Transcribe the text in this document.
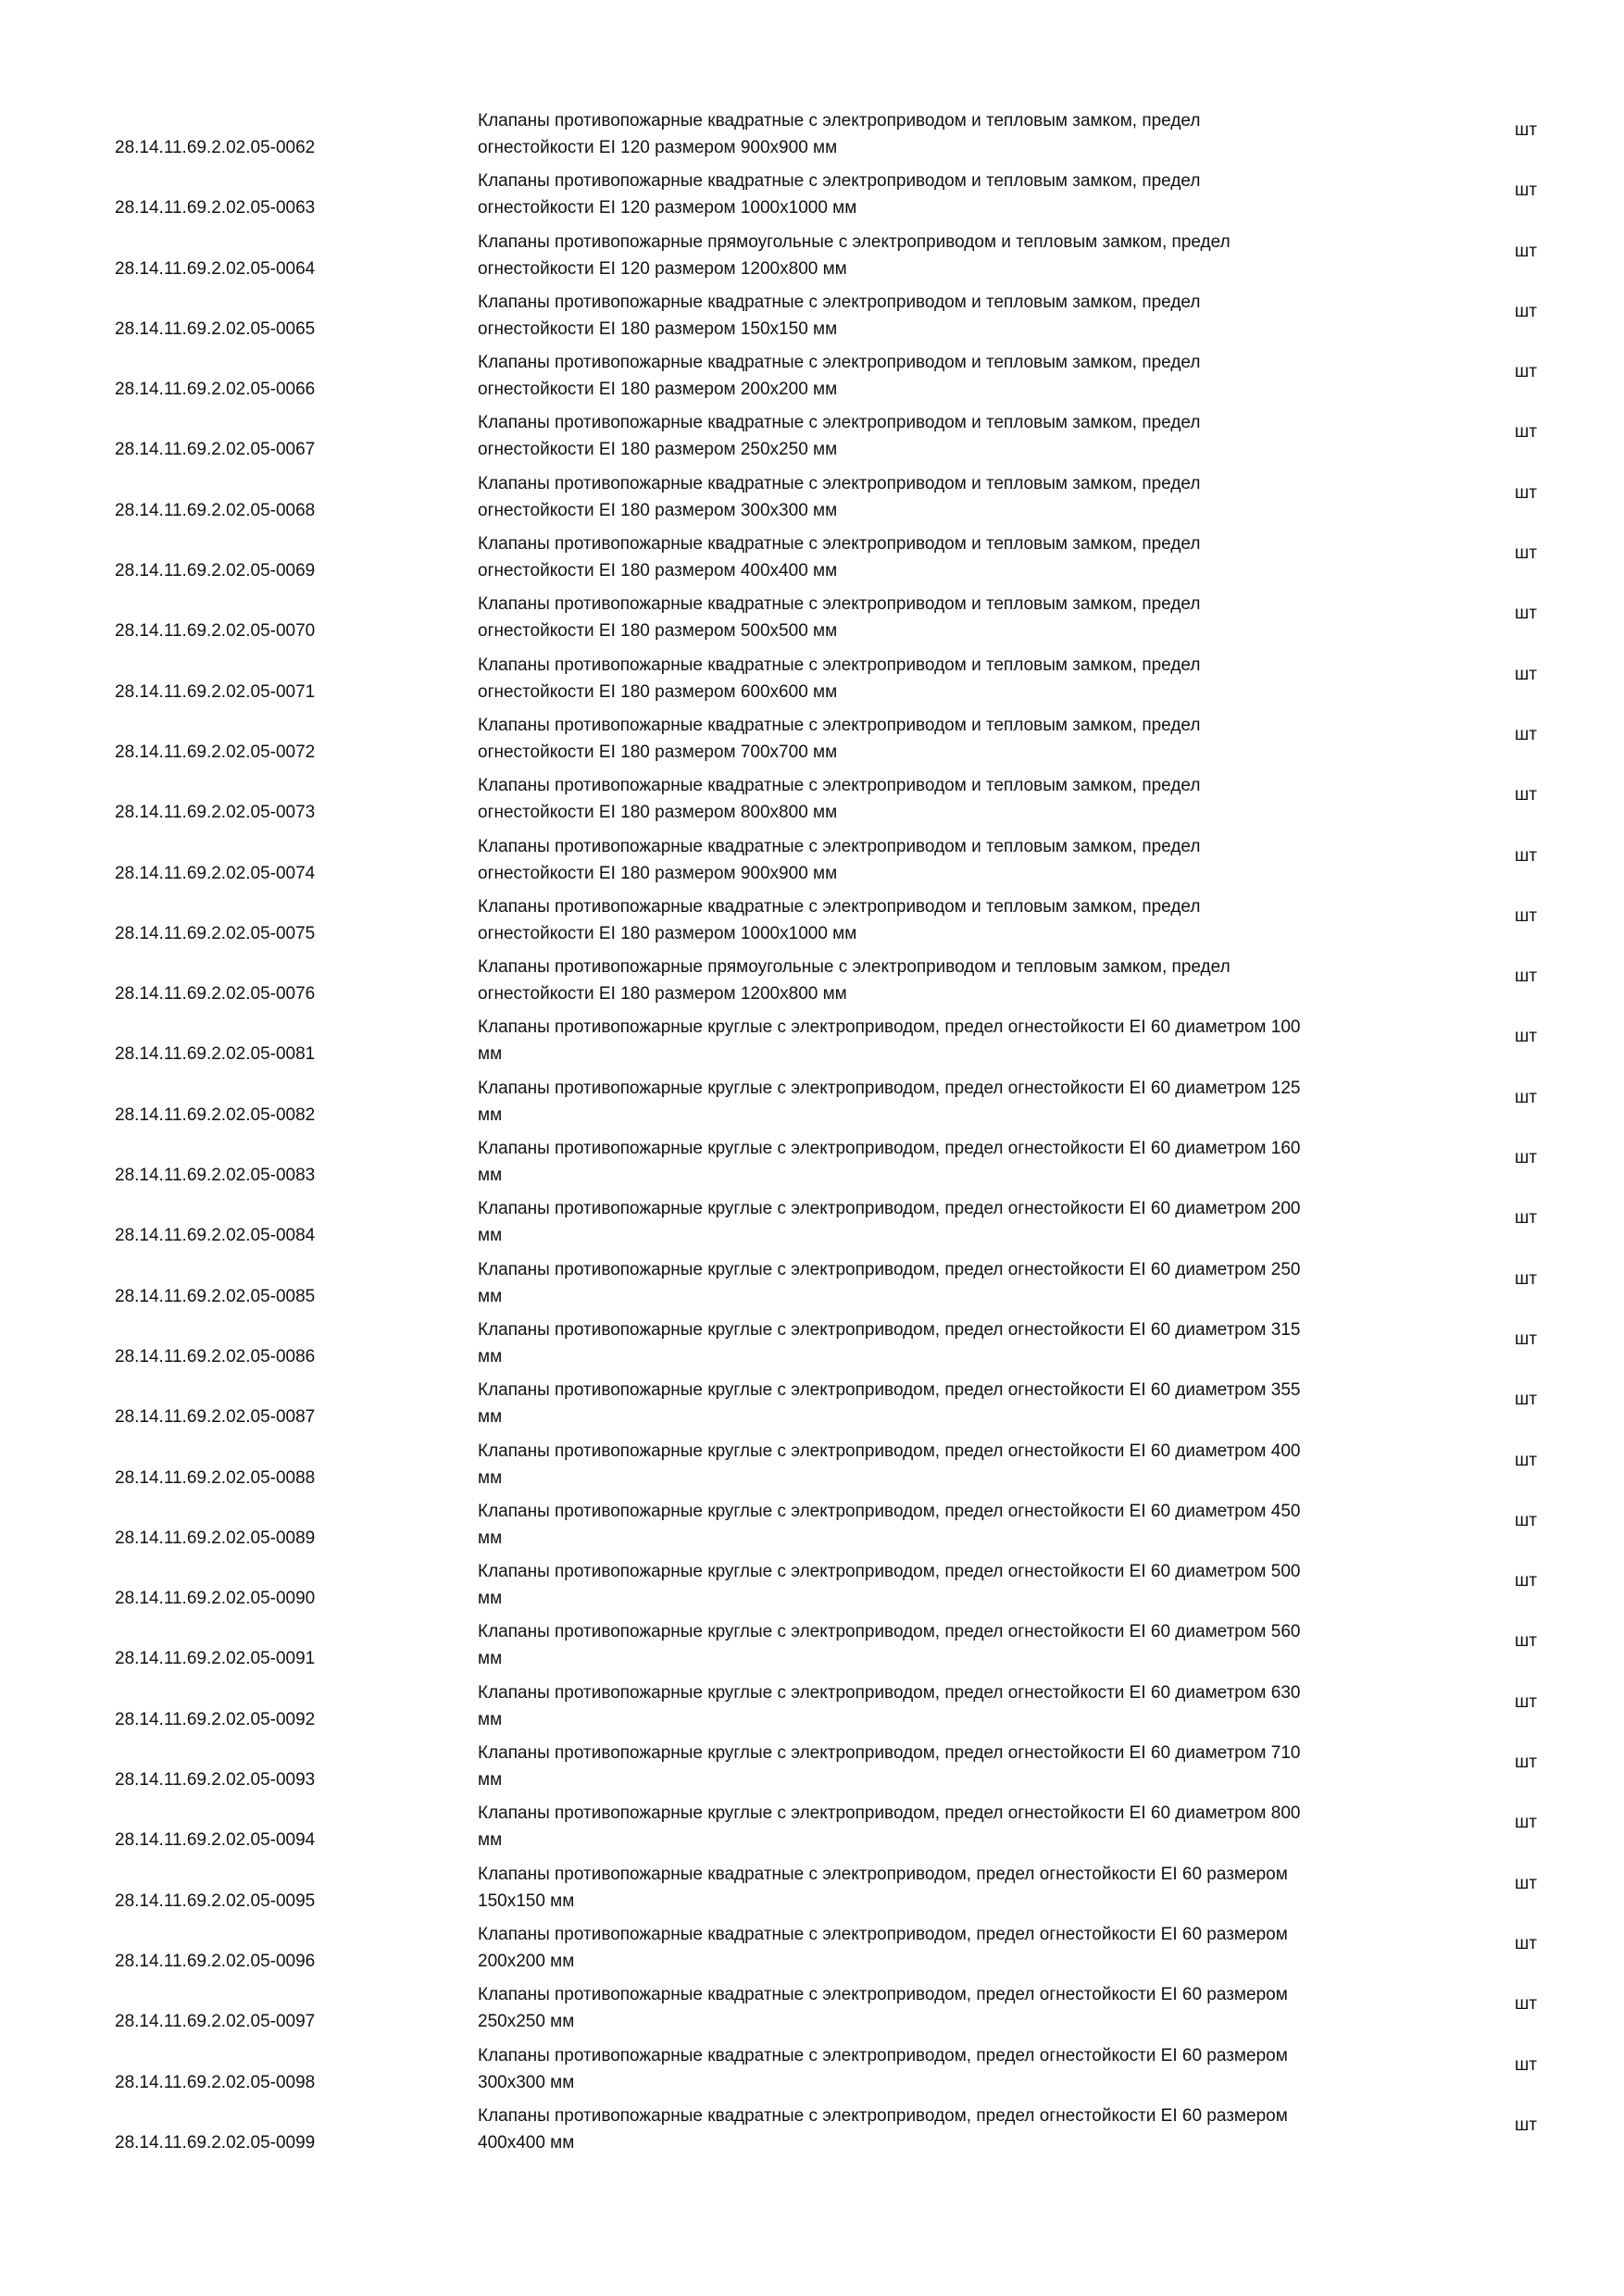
28.14.11.69.2.02.05-0062
Клапаны противопожарные квадратные с электроприводом и тепловым замком, предел
огнестойкости EI 120 размером 900х900 мм
шт
28.14.11.69.2.02.05-0063
Клапаны противопожарные квадратные с электроприводом и тепловым замком, предел
огнестойкости EI 120 размером 1000х1000 мм
шт
28.14.11.69.2.02.05-0064
Клапаны противопожарные прямоугольные с электроприводом и тепловым замком, предел
огнестойкости EI 120 размером 1200х800 мм
шт
28.14.11.69.2.02.05-0065
Клапаны противопожарные квадратные с электроприводом и тепловым замком, предел
огнестойкости EI 180 размером 150х150 мм
шт
28.14.11.69.2.02.05-0066
Клапаны противопожарные квадратные с электроприводом и тепловым замком, предел
огнестойкости EI 180 размером 200х200 мм
шт
28.14.11.69.2.02.05-0067
Клапаны противопожарные квадратные с электроприводом и тепловым замком, предел
огнестойкости EI 180 размером 250х250 мм
шт
28.14.11.69.2.02.05-0068
Клапаны противопожарные квадратные с электроприводом и тепловым замком, предел
огнестойкости EI 180 размером 300х300 мм
шт
28.14.11.69.2.02.05-0069
Клапаны противопожарные квадратные с электроприводом и тепловым замком, предел
огнестойкости EI 180 размером 400х400 мм
шт
28.14.11.69.2.02.05-0070
Клапаны противопожарные квадратные с электроприводом и тепловым замком, предел
огнестойкости EI 180 размером 500х500 мм
шт
28.14.11.69.2.02.05-0071
Клапаны противопожарные квадратные с электроприводом и тепловым замком, предел
огнестойкости EI 180 размером 600х600 мм
шт
28.14.11.69.2.02.05-0072
Клапаны противопожарные квадратные с электроприводом и тепловым замком, предел
огнестойкости EI 180 размером 700х700 мм
шт
28.14.11.69.2.02.05-0073
Клапаны противопожарные квадратные с электроприводом и тепловым замком, предел
огнестойкости EI 180 размером 800х800 мм
шт
28.14.11.69.2.02.05-0074
Клапаны противопожарные квадратные с электроприводом и тепловым замком, предел
огнестойкости EI 180 размером 900х900 мм
шт
28.14.11.69.2.02.05-0075
Клапаны противопожарные квадратные с электроприводом и тепловым замком, предел
огнестойкости EI 180 размером 1000х1000 мм
шт
28.14.11.69.2.02.05-0076
Клапаны противопожарные прямоугольные с электроприводом и тепловым замком, предел
огнестойкости EI 180 размером 1200х800 мм
шт
28.14.11.69.2.02.05-0081
Клапаны противопожарные круглые с электроприводом, предел огнестойкости EI 60 диаметром 100
мм
шт
28.14.11.69.2.02.05-0082
Клапаны противопожарные круглые с электроприводом, предел огнестойкости EI 60 диаметром 125
мм
шт
28.14.11.69.2.02.05-0083
Клапаны противопожарные круглые с электроприводом, предел огнестойкости EI 60 диаметром 160
мм
шт
28.14.11.69.2.02.05-0084
Клапаны противопожарные круглые с электроприводом, предел огнестойкости EI 60 диаметром 200
мм
шт
28.14.11.69.2.02.05-0085
Клапаны противопожарные круглые с электроприводом, предел огнестойкости EI 60 диаметром 250
мм
шт
28.14.11.69.2.02.05-0086
Клапаны противопожарные круглые с электроприводом, предел огнестойкости EI 60 диаметром 315
мм
шт
28.14.11.69.2.02.05-0087
Клапаны противопожарные круглые с электроприводом, предел огнестойкости EI 60 диаметром 355
мм
шт
28.14.11.69.2.02.05-0088
Клапаны противопожарные круглые с электроприводом, предел огнестойкости EI 60 диаметром 400
мм
шт
28.14.11.69.2.02.05-0089
Клапаны противопожарные круглые с электроприводом, предел огнестойкости EI 60 диаметром 450
мм
шт
28.14.11.69.2.02.05-0090
Клапаны противопожарные круглые с электроприводом, предел огнестойкости EI 60 диаметром 500
мм
шт
28.14.11.69.2.02.05-0091
Клапаны противопожарные круглые с электроприводом, предел огнестойкости EI 60 диаметром 560
мм
шт
28.14.11.69.2.02.05-0092
Клапаны противопожарные круглые с электроприводом, предел огнестойкости EI 60 диаметром 630
мм
шт
28.14.11.69.2.02.05-0093
Клапаны противопожарные круглые с электроприводом, предел огнестойкости EI 60 диаметром 710
мм
шт
28.14.11.69.2.02.05-0094
Клапаны противопожарные круглые с электроприводом, предел огнестойкости EI 60 диаметром 800
мм
шт
28.14.11.69.2.02.05-0095
Клапаны противопожарные квадратные с электроприводом, предел огнестойкости EI 60 размером
150х150 мм
шт
28.14.11.69.2.02.05-0096
Клапаны противопожарные квадратные с электроприводом, предел огнестойкости EI 60 размером
200х200 мм
шт
28.14.11.69.2.02.05-0097
Клапаны противопожарные квадратные с электроприводом, предел огнестойкости EI 60 размером
250х250 мм
шт
28.14.11.69.2.02.05-0098
Клапаны противопожарные квадратные с электроприводом, предел огнестойкости EI 60 размером
300х300 мм
шт
28.14.11.69.2.02.05-0099
Клапаны противопожарные квадратные с электроприводом, предел огнестойкости EI 60 размером
400х400 мм
шт
